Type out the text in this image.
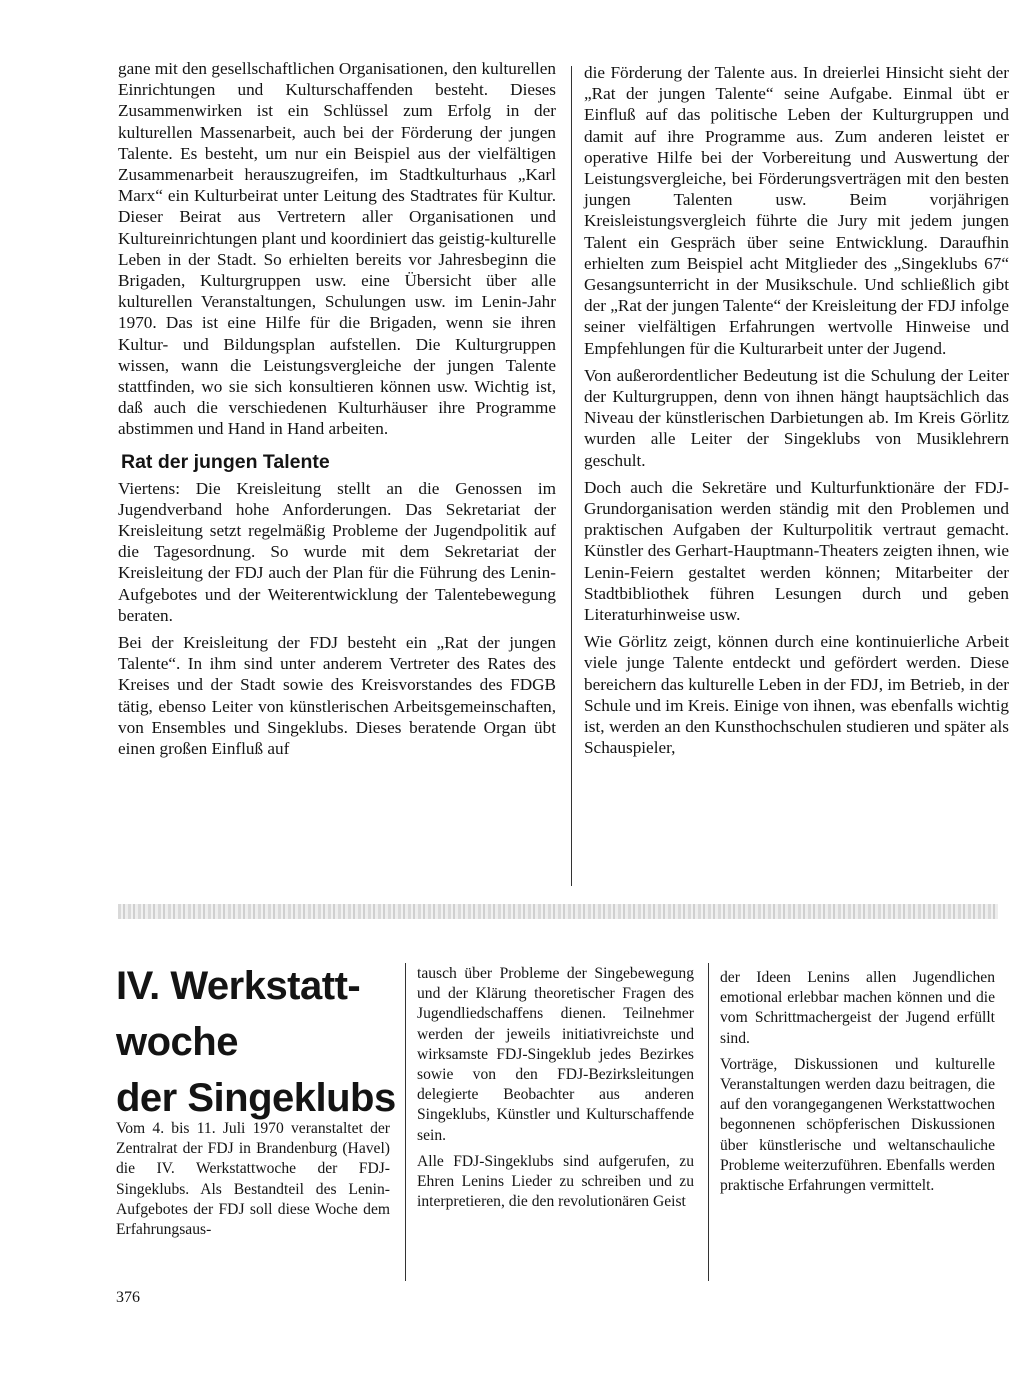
gane mit den gesellschaftlichen Organisationen, den kulturellen Einrichtungen und Kulturschaffenden besteht. Dieses Zusammenwirken ist ein Schlüssel zum Erfolg in der kulturellen Massenarbeit, auch bei der Förderung der jungen Talente. Es besteht, um nur ein Beispiel aus der vielfältigen Zusammenarbeit herauszugreifen, im Stadtkulturhaus „Karl Marx“ ein Kulturbeirat unter Leitung des Stadtrates für Kultur. Dieser Beirat aus Vertretern aller Organisationen und Kultureinrichtungen plant und koordiniert das geistig-kulturelle Leben in der Stadt. So erhielten bereits vor Jahresbeginn die Brigaden, Kulturgruppen usw. eine Übersicht über alle kulturellen Veranstaltungen, Schulungen usw. im Lenin-Jahr 1970. Das ist eine Hilfe für die Brigaden, wenn sie ihren Kultur- und Bildungsplan aufstellen. Die Kulturgruppen wissen, wann die Leistungsvergleiche der jungen Talente stattfinden, wo sie sich konsultieren können usw. Wichtig ist, daß auch die verschiedenen Kulturhäuser ihre Programme abstimmen und Hand in Hand arbeiten.

Rat der jungen Talente

Viertens: Die Kreisleitung stellt an die Genossen im Jugendverband hohe Anforderungen. Das Sekretariat der Kreisleitung setzt regelmäßig Probleme der Jugendpolitik auf die Tagesordnung. So wurde mit dem Sekretariat der Kreisleitung der FDJ auch der Plan für die Führung des Lenin-Aufgebotes und der Weiterentwicklung der Talentebewegung beraten.

Bei der Kreisleitung der FDJ besteht ein „Rat der jungen Talente“. In ihm sind unter anderem Vertreter des Rates des Kreises und der Stadt sowie des Kreisvorstandes des FDGB tätig, ebenso Leiter von künstlerischen Arbeitsgemeinschaften, von Ensembles und Singeklubs. Dieses beratende Organ übt einen großen Einfluß auf

die Förderung der Talente aus. In dreierlei Hinsicht sieht der „Rat der jungen Talente“ seine Aufgabe. Einmal übt er Einfluß auf das politische Leben der Kulturgruppen und damit auf ihre Programme aus. Zum anderen leistet er operative Hilfe bei der Vorbereitung und Auswertung der Leistungsvergleiche, bei Förderungsverträgen mit den besten jungen Talenten usw. Beim vorjährigen Kreisleistungsvergleich führte die Jury mit jedem jungen Talent ein Gespräch über seine Entwicklung. Daraufhin erhielten zum Beispiel acht Mitglieder des „Singeklubs 67“ Gesangsunterricht in der Musikschule. Und schließlich gibt der „Rat der jungen Talente“ der Kreisleitung der FDJ infolge seiner vielfältigen Erfahrungen wertvolle Hinweise und Empfehlungen für die Kulturarbeit unter der Jugend.

Von außerordentlicher Bedeutung ist die Schulung der Leiter der Kulturgruppen, denn von ihnen hängt hauptsächlich das Niveau der künstlerischen Darbietungen ab. Im Kreis Görlitz wurden alle Leiter der Singeklubs von Musiklehrern geschult.

Doch auch die Sekretäre und Kulturfunktionäre der FDJ-Grundorganisation werden ständig mit den Problemen und praktischen Aufgaben der Kulturpolitik vertraut gemacht. Künstler des Gerhart-Hauptmann-Theaters zeigten ihnen, wie Lenin-Feiern gestaltet werden können; Mitarbeiter der Stadtbibliothek führen Lesungen durch und geben Literaturhinweise usw.

Wie Görlitz zeigt, können durch eine kontinuierliche Arbeit viele junge Talente entdeckt und gefördert werden. Diese bereichern das kulturelle Leben in der FDJ, im Betrieb, in der Schule und im Kreis. Einige von ihnen, was ebenfalls wichtig ist, werden an den Kunsthochschulen studieren und später als Schauspieler,

IV. Werkstatt-
woche
der Singeklubs

Vom 4. bis 11. Juli 1970 veranstaltet der Zentralrat der FDJ in Brandenburg (Havel) die IV. Werkstattwoche der FDJ-Singeklubs. Als Bestandteil des Lenin-Aufgebotes der FDJ soll diese Woche dem Erfahrungsaus-

tausch über Probleme der Singebewegung und der Klärung theoretischer Fragen des Jugendliedschaffens dienen. Teilnehmer werden der jeweils initiativreichste und wirksamste FDJ-Singeklub jedes Bezirkes sowie von den FDJ-Bezirksleitungen delegierte Beobachter aus anderen Singeklubs, Künstler und Kulturschaffende sein.

Alle FDJ-Singeklubs sind aufgerufen, zu Ehren Lenins Lieder zu schreiben und zu interpretieren, die den revolutionären Geist

der Ideen Lenins allen Jugendlichen emotional erlebbar machen können und die vom Schrittmachergeist der Jugend erfüllt sind.

Vorträge, Diskussionen und kulturelle Veranstaltungen werden dazu beitragen, die auf den vorangegangenen Werkstattwochen begonnenen schöpferischen Diskussionen über künstlerische und weltanschauliche Probleme weiterzuführen. Ebenfalls werden praktische Erfahrungen vermittelt.

376
